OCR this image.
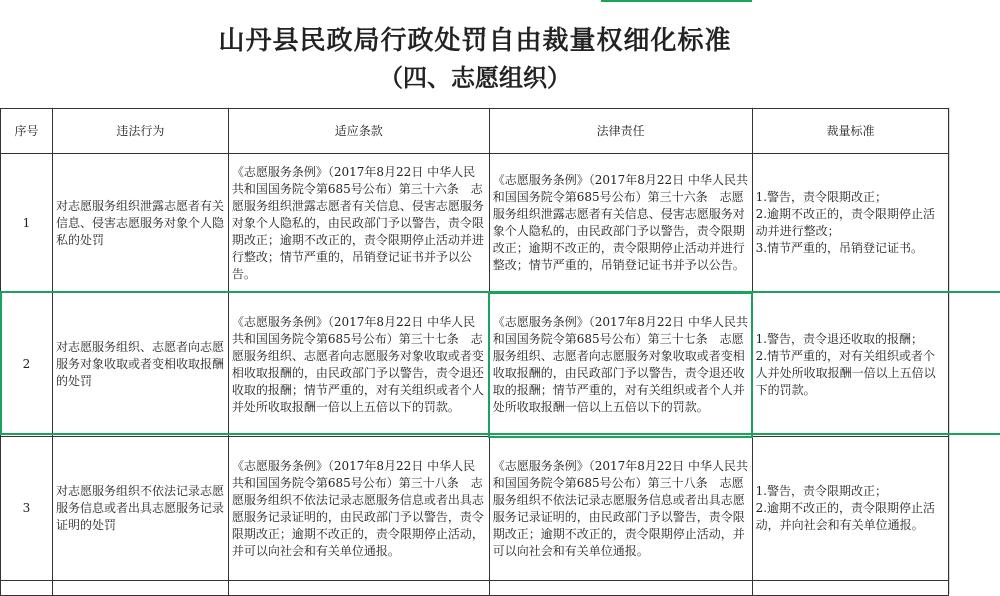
山丹县民政局行政处罚自由裁量权细化标准
（四、志愿组织）
序号	违法行为	适应条款	法律责任	裁量标准	
1	对志愿服务组织泄露志愿者有关信息、侵害志愿服务对象个人隐私的处罚	《志愿服务条例》（2017年8月22日 中华人民共和国国务院令第685号公布）第三十六条　志愿服务组织泄露志愿者有关信息、侵害志愿服务对象个人隐私的，由民政部门予以警告，责令限期改正；逾期不改正的，责令限期停止活动并进行整改；情节严重的，吊销登记证书并予以公告。	《志愿服务条例》（2017年8月22日 中华人民共和国国务院令第685号公布）第三十六条　志愿服务组织泄露志愿者有关信息、侵害志愿服务对象个人隐私的，由民政部门予以警告，责令限期改正；逾期不改正的，责令限期停止活动并进行整改；情节严重的，吊销登记证书并予以公告。	1.警告，责令限期改正；
2.逾期不改正的，责令限期停止活动并进行整改；
3.情节严重的，吊销登记证书。	
2	对志愿服务组织、志愿者向志愿服务对象收取或者变相收取报酬的处罚	《志愿服务条例》（2017年8月22日 中华人民共和国国务院令第685号公布）第三十七条　志愿服务组织、志愿者向志愿服务对象收取或者变相收取报酬的，由民政部门予以警告，责令退还收取的报酬；情节严重的，对有关组织或者个人并处所收取报酬一倍以上五倍以下的罚款。	《志愿服务条例》（2017年8月22日 中华人民共和国国务院令第685号公布）第三十七条　志愿服务组织、志愿者向志愿服务对象收取或者变相收取报酬的，由民政部门予以警告，责令退还收取的报酬；情节严重的，对有关组织或者个人并处所收取报酬一倍以上五倍以下的罚款。	1.警告，责令退还收取的报酬；
2.情节严重的，对有关组织或者个人并处所收取报酬一倍以上五倍以下的罚款。	
3	对志愿服务组织不依法记录志愿服务信息或者出具志愿服务记录证明的处罚	《志愿服务条例》（2017年8月22日 中华人民共和国国务院令第685号公布）第三十八条　志愿服务组织不依法记录志愿服务信息或者出具志愿服务记录证明的，由民政部门予以警告，责令限期改正；逾期不改正的，责令限期停止活动，并可以向社会和有关单位通报。	《志愿服务条例》（2017年8月22日 中华人民共和国国务院令第685号公布）第三十八条　志愿服务组织不依法记录志愿服务信息或者出具志愿服务记录证明的，由民政部门予以警告，责令限期改正；逾期不改正的，责令限期停止活动，并可以向社会和有关单位通报。	1.警告，责令限期改正；
2.逾期不改正的，责令限期停止活动，并向社会和有关单位通报。	
